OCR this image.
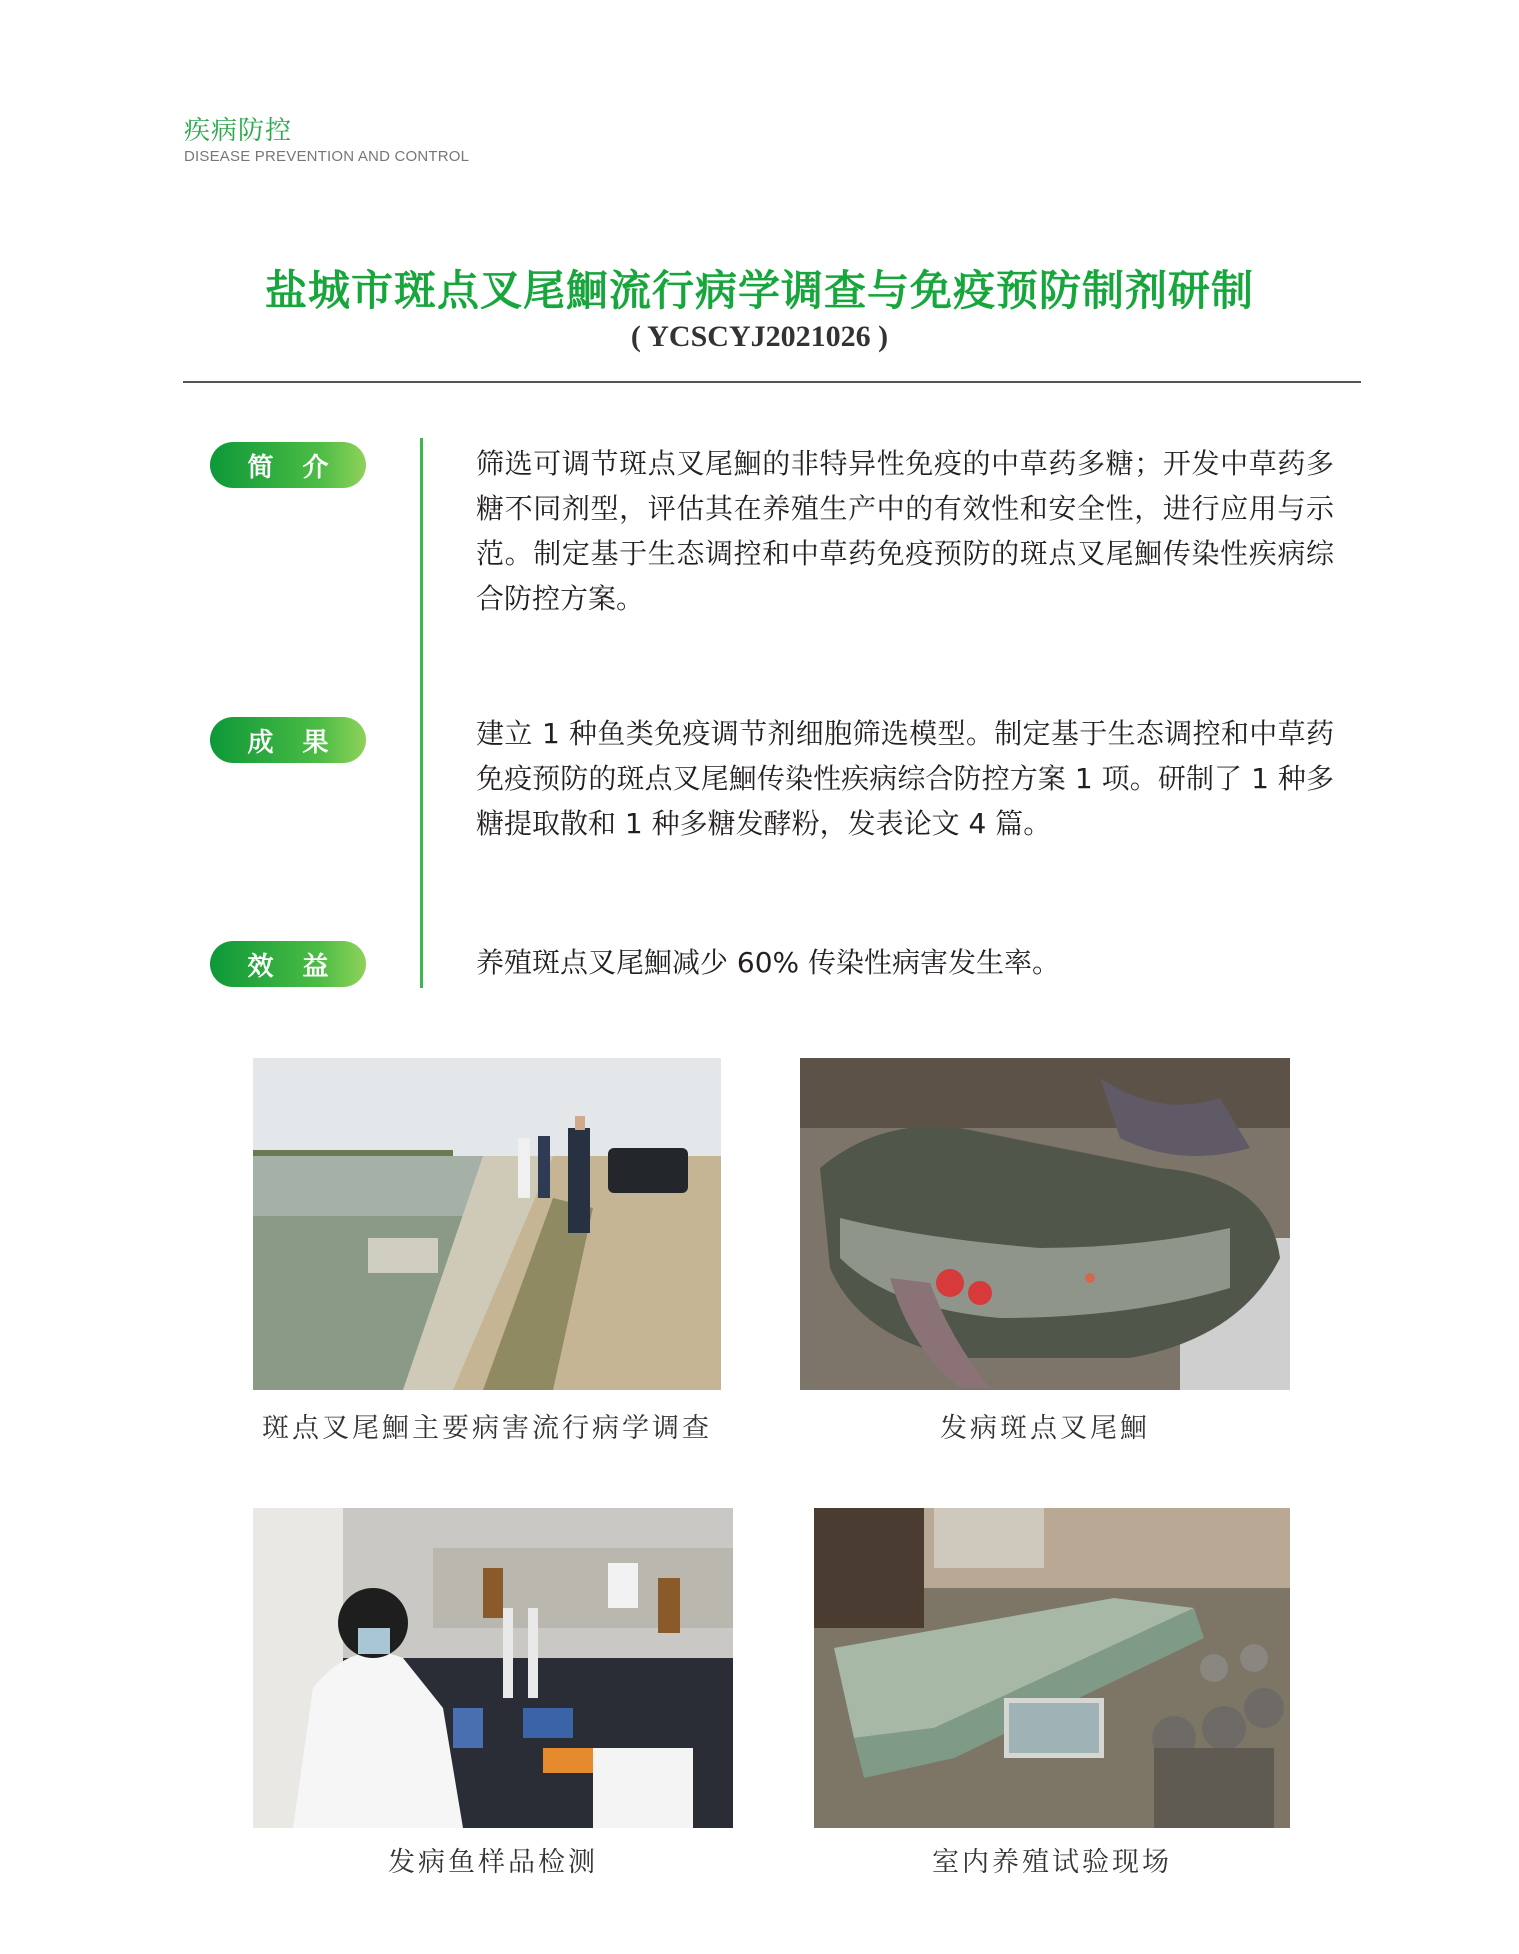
疾病防控
DISEASE PREVENTION AND CONTROL
盐城市斑点叉尾鮰流行病学调查与免疫预防制剂研制
( YCSCYJ2021026 )
简 介	筛选可调节斑点叉尾鮰的非特异性免疫的中草药多糖；开发中草药多糖不同剂型，评估其在养殖生产中的有效性和安全性，进行应用与示范。制定基于生态调控和中草药免疫预防的斑点叉尾鮰传染性疾病综合防控方案。
成 果	建立 1 种鱼类免疫调节剂细胞筛选模型。制定基于生态调控和中草药免疫预防的斑点叉尾鮰传染性疾病综合防控方案 1 项。研制了 1 种多糖提取散和 1 种多糖发酵粉，发表论文 4 篇。
效 益	养殖斑点叉尾鮰减少 60% 传染性病害发生率。
斑点叉尾鮰主要病害流行病学调查	发病斑点叉尾鮰
发病鱼样品检测	室内养殖试验现场
